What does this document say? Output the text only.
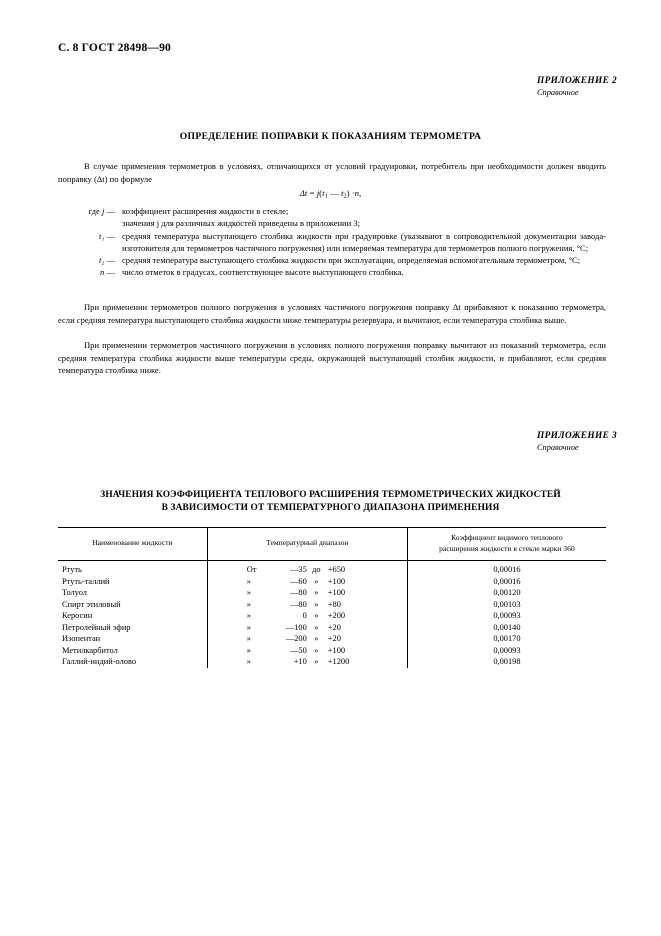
С. 8 ГОСТ 28498—90
ПРИЛОЖЕНИЕ 2
Справочное
ОПРЕДЕЛЕНИЕ ПОПРАВКИ К ПОКАЗАНИЯМ ТЕРМОМЕТРА

В случае применения термометров в условиях, отличающихся от условий градуировки, потребитель при необходимости должен вводить поправку (Δt) по формуле

$\Delta t = j(t_1$ — $t_2) \cdot n$,
где j — коэффициент расширения жидкости в стекле;
значения j для различных жидкостей приведены в приложении 3;
t₁ — средняя температура выступающего столбика жидкости при градуировке (указывают в сопроводительной документации завода-изготовителя для термометров частичного погружения) или измеряемая температура для термометров полного погружения, °С;
t₂ — средняя температура выступающего столбика жидкости при эксплуатации, определяемая вспомогательным термометром, °С;
n — число отметок в градусах, соответствующее высоте выступающего столбика.

При применении термометров полного погружения в условиях частичного погружения поправку Δt прибавляют к показанию термометра, если средняя температура выступающего столбика жидкости ниже температуры резервуара, и вычитают, если температура столбика выше.

При применении термометров частичного погружения в условиях полного погружения поправку вычитают из показаний термометра, если средняя температура столбика жидкости выше температуры среды, окружающей выступающий столбик жидкости, и прибавляют, если средняя температура столбика ниже.

ПРИЛОЖЕНИЕ 3
Справочное
ЗНАЧЕНИЯ КОЭФФИЦИЕНТА ТЕПЛОВОГО РАСШИРЕНИЯ ТЕРМОМЕТРИЧЕСКИХ ЖИДКОСТЕЙ
В ЗАВИСИМОСТИ ОТ ТЕМПЕРАТУРНОГО ДИАПАЗОНА ПРИМЕНЕНИЯ
Наименование жидкости	Температурный диапазон	Коэффициент видимого теплового
расширения жидкости в стекле марки 360
Ртуть	От —35 до +650	0,00016
Ртуть-таллий	» —60 » +100	0,00016
Толуол	» —80 » +100	0,00120
Спирт этиловый	» —80 » +80	0,00103
Керосин	» 0 » +200	0,00093
Петролейный эфир	» —100 » +20	0,00140
Изопентан	» —200 » +20	0,00170
Метилкарбитол	» —50 » +100	0,00093
Галлий-индий-олово	» +10 » +1200	0,00198
